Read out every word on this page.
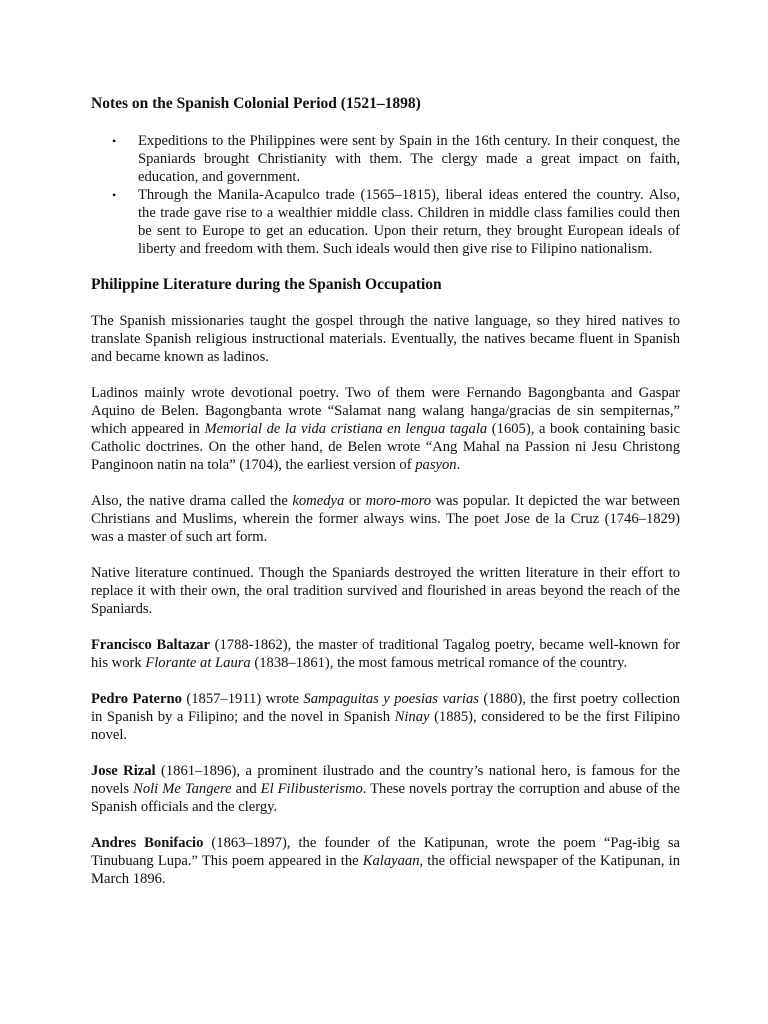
Notes on the Spanish Colonial Period (1521–1898)
• Expeditions to the Philippines were sent by Spain in the 16th century. In their conquest, the Spaniards brought Christianity with them. The clergy made a great impact on faith, education, and government.
• Through the Manila-Acapulco trade (1565–1815), liberal ideas entered the country. Also, the trade gave rise to a wealthier middle class. Children in middle class families could then be sent to Europe to get an education. Upon their return, they brought European ideals of liberty and freedom with them. Such ideals would then give rise to Filipino nationalism.
Philippine Literature during the Spanish Occupation

The Spanish missionaries taught the gospel through the native language, so they hired natives to translate Spanish religious instructional materials. Eventually, the natives became fluent in Spanish and became known as ladinos.

Ladinos mainly wrote devotional poetry. Two of them were Fernando Bagongbanta and Gaspar Aquino de Belen. Bagongbanta wrote “Salamat nang walang hanga/gracias de sin sempiternas,” which appeared in Memorial de la vida cristiana en lengua tagala (1605), a book containing basic Catholic doctrines. On the other hand, de Belen wrote “Ang Mahal na Passion ni Jesu Christong Panginoon natin na tola” (1704), the earliest version of pasyon.

Also, the native drama called the komedya or moro-moro was popular. It depicted the war between Christians and Muslims, wherein the former always wins. The poet Jose de la Cruz (1746–1829) was a master of such art form.

Native literature continued. Though the Spaniards destroyed the written literature in their effort to replace it with their own, the oral tradition survived and flourished in areas beyond the reach of the Spaniards.

Francisco Baltazar (1788-1862), the master of traditional Tagalog poetry, became well-known for his work Florante at Laura (1838–1861), the most famous metrical romance of the country.

Pedro Paterno (1857–1911) wrote Sampaguitas y poesias varias (1880), the first poetry collection in Spanish by a Filipino; and the novel in Spanish Ninay (1885), considered to be the first Filipino novel.

Jose Rizal (1861–1896), a prominent ilustrado and the country’s national hero, is famous for the novels Noli Me Tangere and El Filibusterismo. These novels portray the corruption and abuse of the Spanish officials and the clergy.

Andres Bonifacio (1863–1897), the founder of the Katipunan, wrote the poem “Pag-ibig sa Tinubuang Lupa.” This poem appeared in the Kalayaan, the official newspaper of the Katipunan, in March 1896.
